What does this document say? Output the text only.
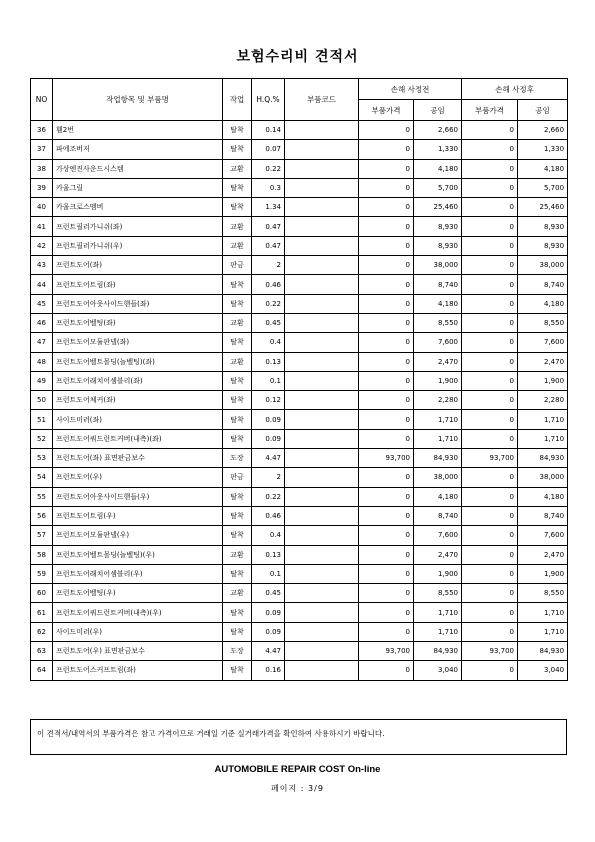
보험수리비 견적서
NO	작업항목 및 부품명	작업	H.Q.%	부품코드	손해 사정전		손해 사정후	
					부품가격	공임	부품가격	공임
36	휀2번	탈착	0.14		0	2,660	0	2,660
37	파에조버저	탈착	0.07		0	1,330	0	1,330
38	가상엔진사운드시스템	교환	0.22		0	4,180	0	4,180
39	카울그릴	탈착	0.3		0	5,700	0	5,700
40	카울크로스멤버	탈착	1.34		0	25,460	0	25,460
41	프런트필러가니쉬(좌)	교환	0.47		0	8,930	0	8,930
42	프런트필러가니쉬(우)	교환	0.47		0	8,930	0	8,930
43	프런트도어(좌)	판금	2		0	38,000	0	38,000
44	프런트도어트림(좌)	탈착	0.46		0	8,740	0	8,740
45	프런트도어아웃사이드핸들(좌)	탈착	0.22		0	4,180	0	4,180
46	프런트도어벨팅(좌)	교환	0.45		0	8,550	0	8,550
47	프런트도어모듈판넬(좌)	탈착	0.4		0	7,600	0	7,600
48	프런트도어벨트몰딩(놀벨팅)(좌)	교환	0.13		0	2,470	0	2,470
49	프런트도어래치어셈블리(좌)	탈착	0.1		0	1,900	0	1,900
50	프런트도어체커(좌)	탈착	0.12		0	2,280	0	2,280
51	사이드미러(좌)	탈착	0.09		0	1,710	0	1,710
52	프런트도어쿼드런트커버(내측)(좌)	탈착	0.09		0	1,710	0	1,710
53	프런트도어(좌) 표면판금보수	도장	4.47		93,700	84,930	93,700	84,930
54	프런트도어(우)	판금	2		0	38,000	0	38,000
55	프런트도어아웃사이드핸들(우)	탈착	0.22		0	4,180	0	4,180
56	프런트도어트림(우)	탈착	0.46		0	8,740	0	8,740
57	프런트도어모듈판넬(우)	탈착	0.4		0	7,600	0	7,600
58	프런트도어벨트몰딩(놀벨팅)(우)	교환	0.13		0	2,470	0	2,470
59	프런트도어래치어셈블리(우)	탈착	0.1		0	1,900	0	1,900
60	프런트도어벨팅(우)	교환	0.45		0	8,550	0	8,550
61	프런트도어쿼드런트커버(내측)(우)	탈착	0.09		0	1,710	0	1,710
62	사이드미러(우)	탈착	0.09		0	1,710	0	1,710
63	프런트도어(우) 표면판금보수	도장	4.47		93,700	84,930	93,700	84,930
64	프런트도어스커프트림(좌)	탈착	0.16		0	3,040	0	3,040
이 견적서/내역서의 부품가격은 참고 가격이므로 거래일 기준 실거래가격을 확인하여 사용하시기 바랍니다.
AUTOMOBILE REPAIR COST On-line
페이지 : 3/9
